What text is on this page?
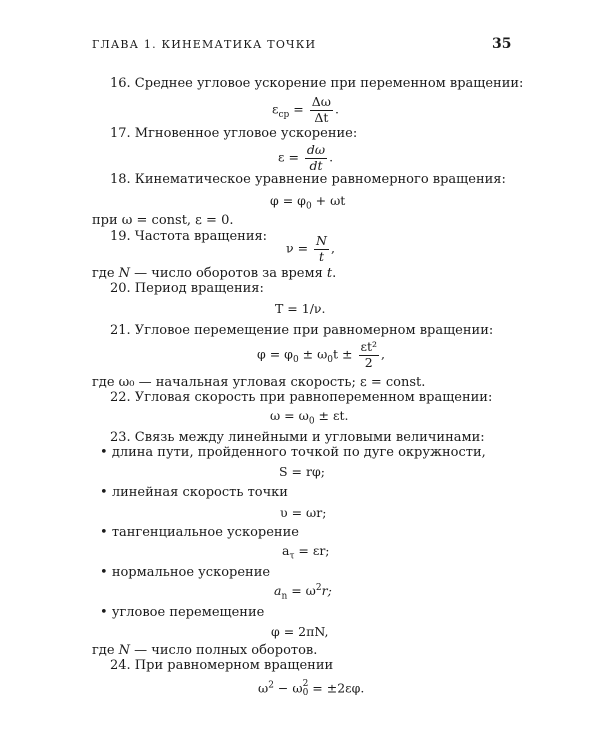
ГЛАВА 1. КИНЕМАТИКА ТОЧКИ	35
16. Среднее угловое ускорение при переменном вращении:
$\varepsilon_{ср} = \frac{\Delta\omega}{\Delta t}$ .
17. Мгновенное угловое ускорение:
$\varepsilon = \frac{d\omega}{dt}$ .
18. Кинематическое уравнение равномерного вращения:
$\varphi = \varphi_0 + \omega t$
при ω = const, ε = 0.
19. Частота вращения:
$\nu = \frac{N}{t}$ ,
где N — число оборотов за время t.
20. Период вращения:
T = 1/ν.
21. Угловое перемещение при равномерном вращении:
$\varphi = \varphi_0 \pm \omega_0t \pm \frac{\text{εt²}}{2}$ ,
где ω₀ — начальная угловая скорость; ε = const.
22. Угловая скорость при равнопеременном вращении:
$\omega = \omega_0 \pm \varepsilon t$.
23. Связь между линейными и угловыми величинами:
• длина пути, пройденного точкой по дуге окружности,
S = rφ;
• линейная скорость точки
υ = ωr;
• тангенциальное ускорение
$a_\tau = \varepsilon r$;
• нормальное ускорение
$a_n = \omega^2r$;
• угловое перемещение
φ = 2πN,
где N — число полных оборотов.
24. При равномерном вращении
$\omega^2 - \omega$ 2
0 = ±2εφ.
